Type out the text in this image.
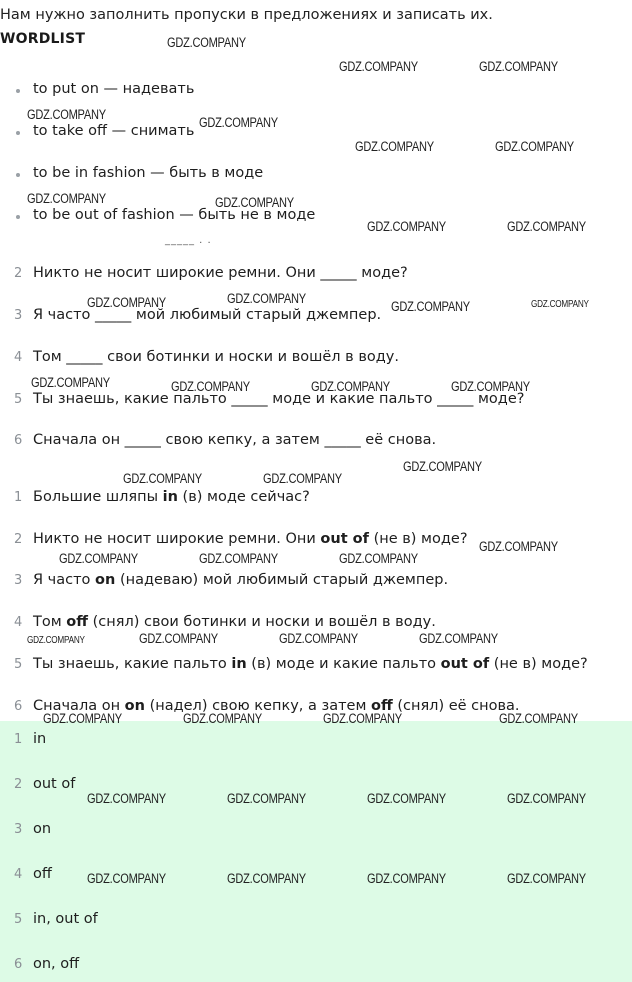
Нам нужно заполнить пропуски в предложениях и записать их.
WORDLIST
to put on — надевать
to take off — снимать
to be in fashion — быть в моде
to be out of fashion — быть не в моде
_____ . .
2 Никто не носит широкие ремни. Они _____ моде?
3 Я часто _____ мой любимый старый джемпер.
4 Том _____ свои ботинки и носки и вошёл в воду.
5 Ты знаешь, какие пальто _____ моде и какие пальто _____ моде?
6 Сначала он _____ свою кепку, а затем _____ её снова.
1 Большие шляпы in (в) моде сейчас?
2 Никто не носит широкие ремни. Они out of (не в) моде?
3 Я часто on (надеваю) мой любимый старый джемпер.
4 Том off (снял) свои ботинки и носки и вошёл в воду.
5 Ты знаешь, какие пальто in (в) моде и какие пальто out of (не в) моде?
6 Сначала он on (надел) свою кепку, а затем off (снял) её снова.
1 in
2 out of
3 on
4 off
5 in, out of
6 on, off
GDZ.COMPANY
GDZ.COMPANY	GDZ.COMPANY
GDZ.COMPANY
GDZ.COMPANY
GDZ.COMPANY	GDZ.COMPANY
GDZ.COMPANY	GDZ.COMPANY
GDZ.COMPANY	GDZ.COMPANY
GDZ.COMPANY	GDZ.COMPANY
GDZ.COMPANY	GDZ.COMPANY
GDZ.COMPANY	GDZ.COMPANY	GDZ.COMPANY	GDZ.COMPANY
GDZ.COMPANY
GDZ.COMPANY	GDZ.COMPANY
GDZ.COMPANY
GDZ.COMPANY	GDZ.COMPANY	GDZ.COMPANY
GDZ.COMPANY	GDZ.COMPANY	GDZ.COMPANY	GDZ.COMPANY
GDZ.COMPANY	GDZ.COMPANY	GDZ.COMPANY	GDZ.COMPANY
GDZ.COMPANY	GDZ.COMPANY	GDZ.COMPANY	GDZ.COMPANY
GDZ.COMPANY	GDZ.COMPANY	GDZ.COMPANY	GDZ.COMPANY
